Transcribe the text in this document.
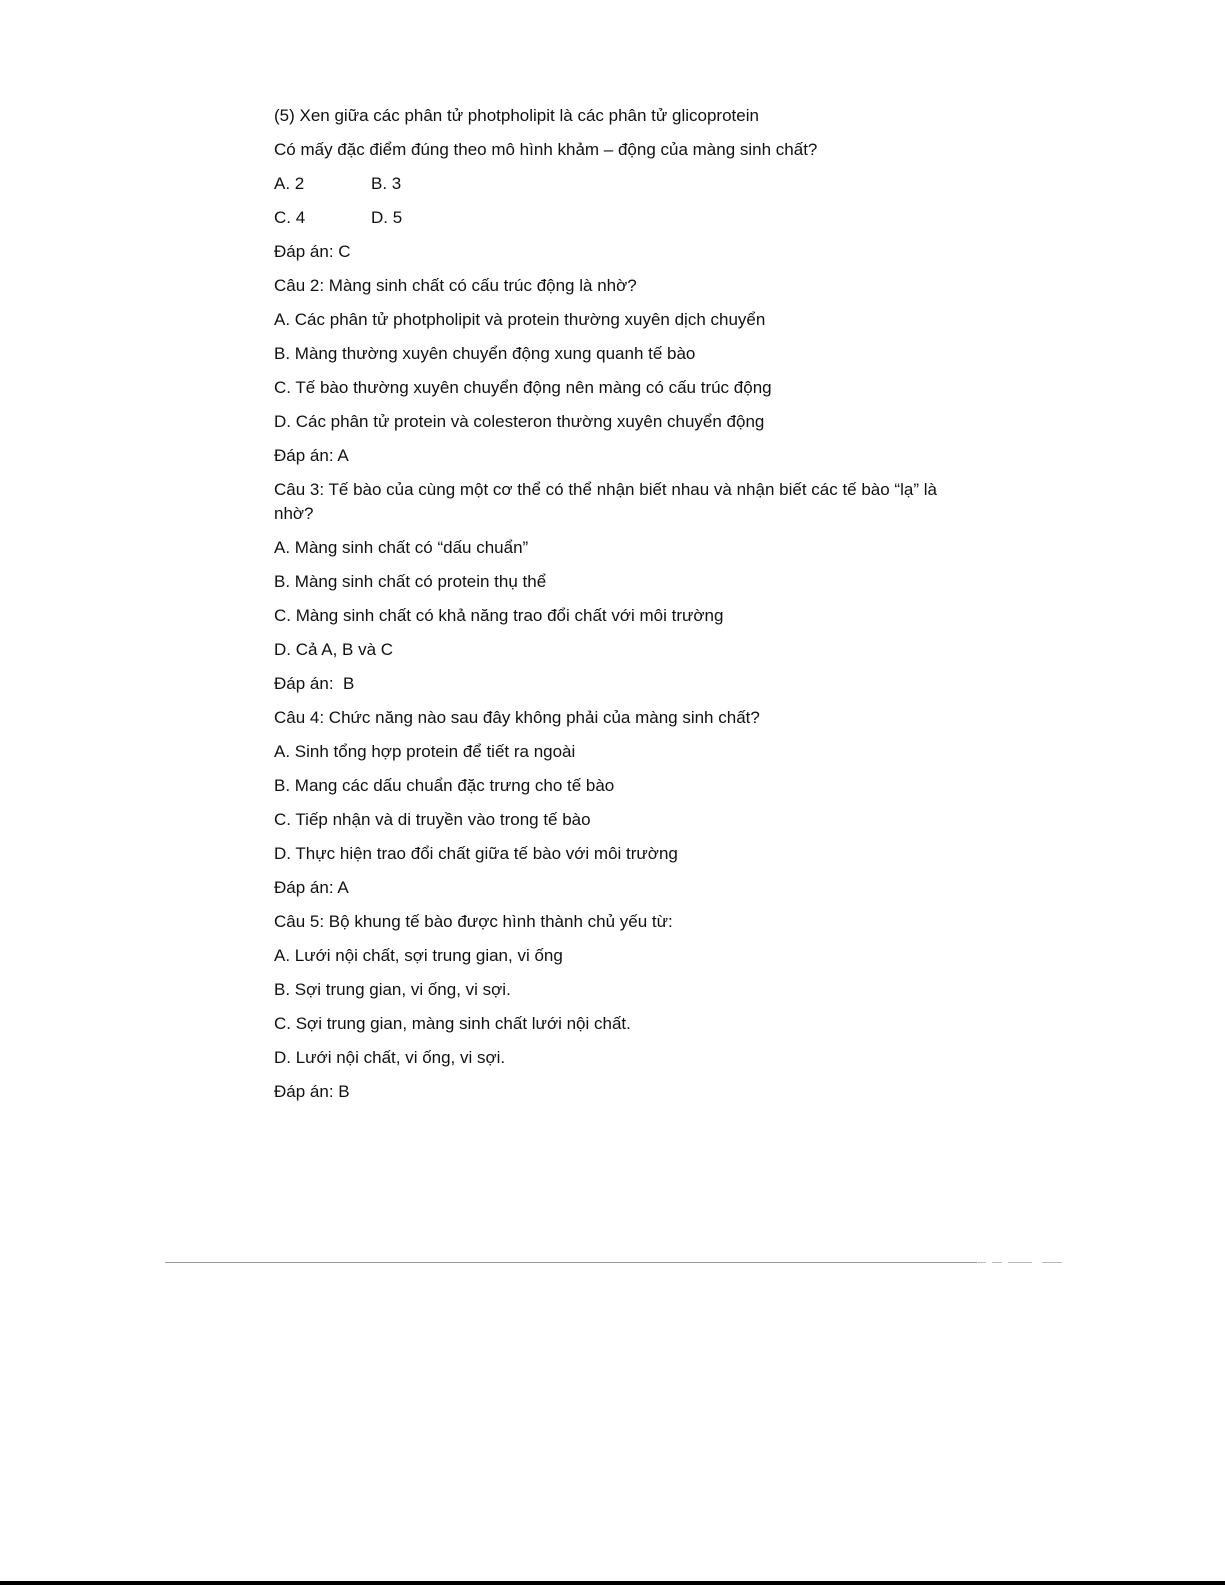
(5) Xen giữa các phân tử photpholipit là các phân tử glicoprotein
Có mấy đặc điểm đúng theo mô hình khảm – động của màng sinh chất?
A. 2	B. 3
C. 4	D. 5
Đáp án: C
Câu 2: Màng sinh chất có cấu trúc động là nhờ?
A. Các phân tử photpholipit và protein thường xuyên dịch chuyển
B. Màng thường xuyên chuyển động xung quanh tế bào
C. Tế bào thường xuyên chuyển động nên màng có cấu trúc động
D. Các phân tử protein và colesteron thường xuyên chuyển động
Đáp án: A
Câu 3: Tế bào của cùng một cơ thể có thể nhận biết nhau và nhận biết các tế bào “lạ” là nhờ?
A. Màng sinh chất có “dấu chuẩn”
B. Màng sinh chất có protein thụ thể
C. Màng sinh chất có khả năng trao đổi chất với môi trường
D. Cả A, B và C
Đáp án:  B
Câu 4: Chức năng nào sau đây không phải của màng sinh chất?
A. Sinh tổng hợp protein để tiết ra ngoài
B. Mang các dấu chuẩn đặc trưng cho tế bào
C. Tiếp nhận và di truyền vào trong tế bào
D. Thực hiện trao đổi chất giữa tế bào với môi trường
Đáp án: A
Câu 5: Bộ khung tế bào được hình thành chủ yếu từ:
A. Lưới nội chất, sợi trung gian, vi ống
B. Sợi trung gian, vi ống, vi sợi.
C. Sợi trung gian, màng sinh chất lưới nội chất.
D. Lưới nội chất, vi ống, vi sợi.
Đáp án: B
